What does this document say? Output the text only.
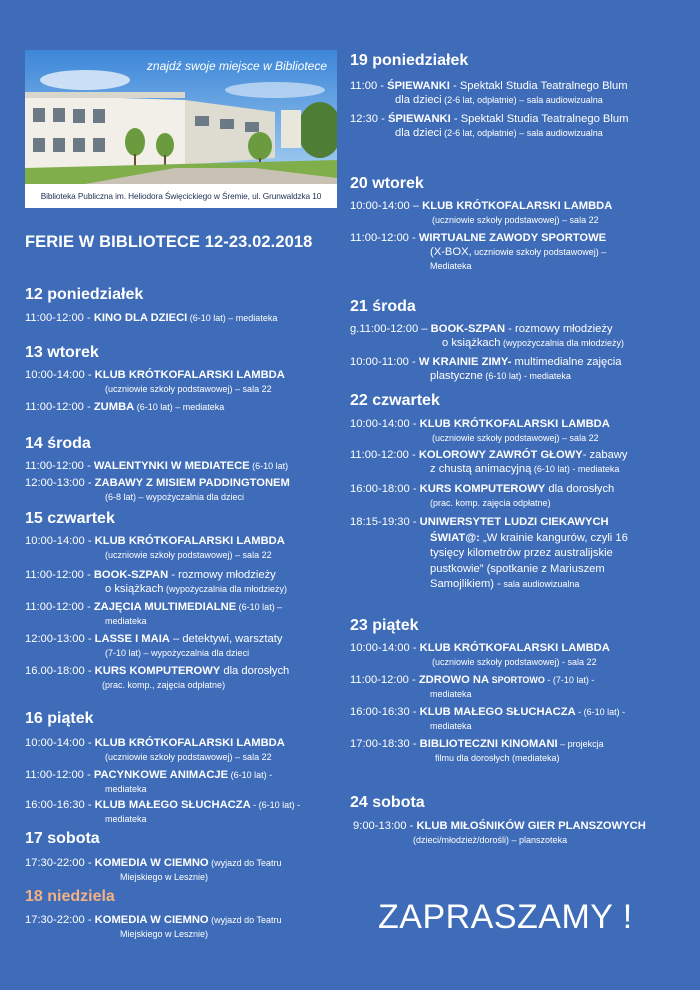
znajdź swoje miejsce w Bibliotece
Biblioteka Publiczna im. Heliodora Święcickiego w Śremie, ul. Grunwaldzka 10
FERIE W BIBLIOTECE 12-23.02.2018
12 poniedziałek
11:00-12:00 - KINO DLA DZIECI (6-10 lat) – mediateka
13 wtorek
10:00-14:00 - KLUB KRÓTKOFALARSKI LAMBDA
(uczniowie szkoły podstawowej) – sala 22
11:00-12:00 - ZUMBA (6-10 lat) – mediateka
14 środa
11:00-12:00 - WALENTYNKI W MEDIATECE (6-10 lat)
12:00-13:00 - ZABAWY Z MISIEM PADDINGTONEM
(6-8 lat) – wypożyczalnia dla dzieci
15 czwartek
10:00-14:00 - KLUB KRÓTKOFALARSKI LAMBDA
(uczniowie szkoły podstawowej) – sala 22
11:00-12:00 - BOOK-SZPAN - rozmowy młodzieży
o książkach (wypożyczalnia dla młodzieży)
11:00-12:00 - ZAJĘCIA MULTIMEDIALNE (6-10 lat) –
mediateka
12:00-13:00 - LASSE I MAIA – detektywi, warsztaty
(7-10 lat) – wypożyczalnia dla dzieci
16.00-18:00 - KURS KOMPUTEROWY dla dorosłych
(prac. komp., zajęcia odpłatne)
16 piątek
10:00-14:00 - KLUB KRÓTKOFALARSKI LAMBDA
(uczniowie szkoły podstawowej) – sala 22
11:00-12:00 - PACYNKOWE ANIMACJE (6-10 lat) -
mediateka
16:00-16:30 - KLUB MAŁEGO SŁUCHACZA - (6-10 lat) -
mediateka
17 sobota
17:30-22:00 - KOMEDIA W CIEMNO (wyjazd do Teatru
Miejskiego w Lesznie)
18 niedziela
17:30-22:00 - KOMEDIA W CIEMNO (wyjazd do Teatru
Miejskiego w Lesznie)
19 poniedziałek
11:00 - ŚPIEWANKI - Spektakl Studia Teatralnego Blum
dla dzieci (2-6 lat, odpłatnie) – sala audiowizualna
12:30 - ŚPIEWANKI - Spektakl Studia Teatralnego Blum
dla dzieci (2-6 lat, odpłatnie) – sala audiowizualna
20 wtorek
10:00-14:00 – KLUB KRÓTKOFALARSKI LAMBDA
(uczniowie szkoły podstawowej) – sala 22
11:00-12:00 - WIRTUALNE ZAWODY SPORTOWE
(X-BOX, uczniowie szkoły podstawowej) –
Mediateka
21 środa
g.11:00-12:00 – BOOK-SZPAN - rozmowy młodzieży
o książkach (wypożyczalnia dla młodzieży)
10:00-11:00 - W KRAINIE ZIMY- multimedialne zajęcia
plastyczne (6-10 lat) - mediateka
22 czwartek
10:00-14:00 - KLUB KRÓTKOFALARSKI LAMBDA
(uczniowie szkoły podstawowej) – sala 22
11:00-12:00 - KOLOROWY ZAWRÓT GŁOWY- zabawy
z chustą animacyjną (6-10 lat) - mediateka
16:00-18:00 - KURS KOMPUTEROWY dla dorosłych
(prac. komp. zajęcia odpłatne)
18:15-19:30 - UNIWERSYTET LUDZI CIEKAWYCH
ŚWIAT@: „W krainie kangurów, czyli 16
tysięcy kilometrów przez australijskie
pustkowie” (spotkanie z Mariuszem
Samojlikiem) - sala audiowizualna
23 piątek
10:00-14:00 - KLUB KRÓTKOFALARSKI LAMBDA
(uczniowie szkoły podstawowej) - sala 22
11:00-12:00 - ZDROWO NA SPORTOWO - (7-10 lat) -
mediateka
16:00-16:30 - KLUB MAŁEGO SŁUCHACZA - (6-10 lat) -
mediateka
17:00-18:30 - BIBLIOTECZNI KINOMANI – projekcja
filmu dla dorosłych (mediateka)
24 sobota
9:00-13:00 - KLUB MIŁOŚNIKÓW GIER PLANSZOWYCH
(dzieci/młodzież/dorośli) – planszoteka
ZAPRASZAMY !
